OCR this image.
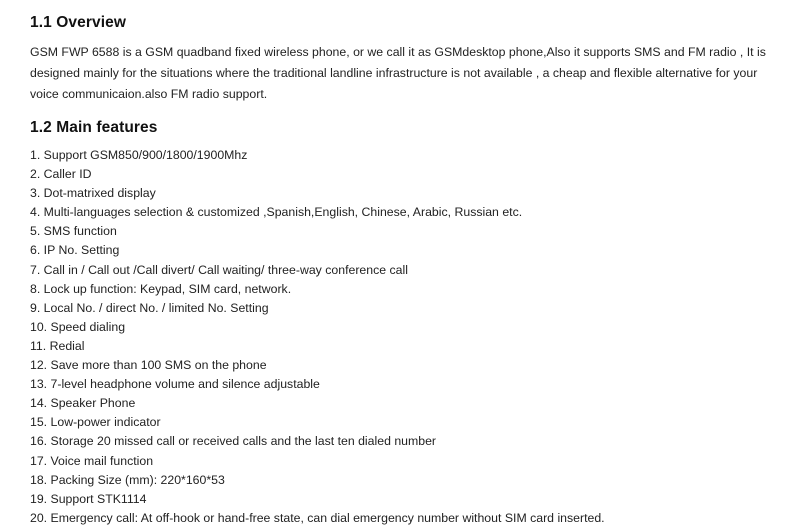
1.1 Overview

GSM FWP 6588 is a GSM quadband fixed wireless phone, or we call it as GSMdesktop phone,Also it supports SMS and FM radio , It is designed mainly for the situations where the traditional landline infrastructure is not available , a cheap and flexible alternative for your voice communicaion.also FM radio support.

1.2 Main features
1. Support GSM850/900/1800/1900Mhz
2. Caller ID
3. Dot-matrixed display
4. Multi-languages selection & customized ,Spanish,English, Chinese, Arabic, Russian etc.
5. SMS function
6. IP No. Setting
7. Call in / Call out /Call divert/ Call waiting/ three-way conference call
8. Lock up function: Keypad, SIM card, network.
9. Local No. / direct No. / limited No. Setting
10. Speed dialing
11. Redial
12. Save more than 100 SMS on the phone
13. 7-level headphone volume and silence adjustable
14. Speaker Phone
15. Low-power indicator
16. Storage 20 missed call or received calls and the last ten dialed number
17. Voice mail function
18. Packing Size (mm): 220*160*53
19. Support STK1114
20. Emergency call: At off-hook or hand-free state, can dial emergency number without SIM card inserted.
